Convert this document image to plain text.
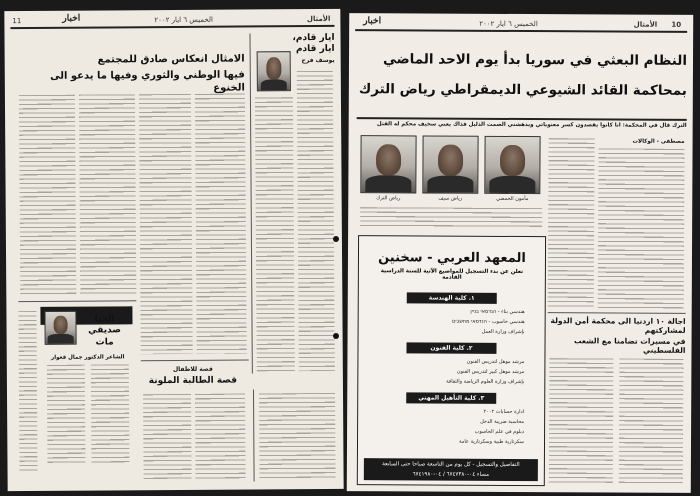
11	اخبار	الخميس ٦ ايار ٢٠٠٢	الأمثال
ايار قادم،
ايار قادم
يوسف فرح
الامثال انعكاس صادق للمجتمع
فيها الوطني والثوري وفيها ما يدعو الى الخنوع
الحيا
صديقي
مات
الشاعر الدكتور جمال قعوار
قصة للاطفال
قصة الطالبة الملونة
10
الأمثال
الخميس ٦ ايار ٢٠٠٢
اخبار
النظام البعثي في سوريا بدأ يوم الاحد الماضي
بمحاكمة القائد الشيوعي الديمقراطي رياض الترك
الترك قال في المحكمة: انا كانوا يقصدون كسر معنوياتي ويدهشني الصمت الذليل فذاك يعني سخيف محكم له القتل
رياض الترك	رياض سيف	مأمون الحمصي
مصطفى - الوكالات
اجالة ١٠ اردنيا الى محكمة أمن الدولة لمشاركتهم
في مسيرات تضامنا مع الشعب الفلسطيني
المعهد العربي - سخنين
تعلن عن بدء التسجيل للمواضيع الآتية للسنة الدراسية القادمة
١. كلية الهندسة
هندسي بناء - הנדסאי בניין
هندسي حاسوب - הנדסאי מחשבים
بإشراف وزارة العمل
٢. كلية الفنون
مرشد موهل لتدريس الفنون
مرشد موهل كبير لتدريس الفنون
بإشراف وزارة العلوم الرياضة والثقافة
٣. كلية التأهيل المهني
ادارة حسابات ٢٠٠٢
محاسبة ضريبة الدخل
دبلوم في علم الحاسوب
سكرتارية طبية وسكرتارية عامة
التفاصيل والتسجيل - كل يوم من التاسعة صباحا حتى السابعة
مساء ٠٤-٦٧٤٧٣٨٠ / ٠٤-٦٧٤١٩٨٠
